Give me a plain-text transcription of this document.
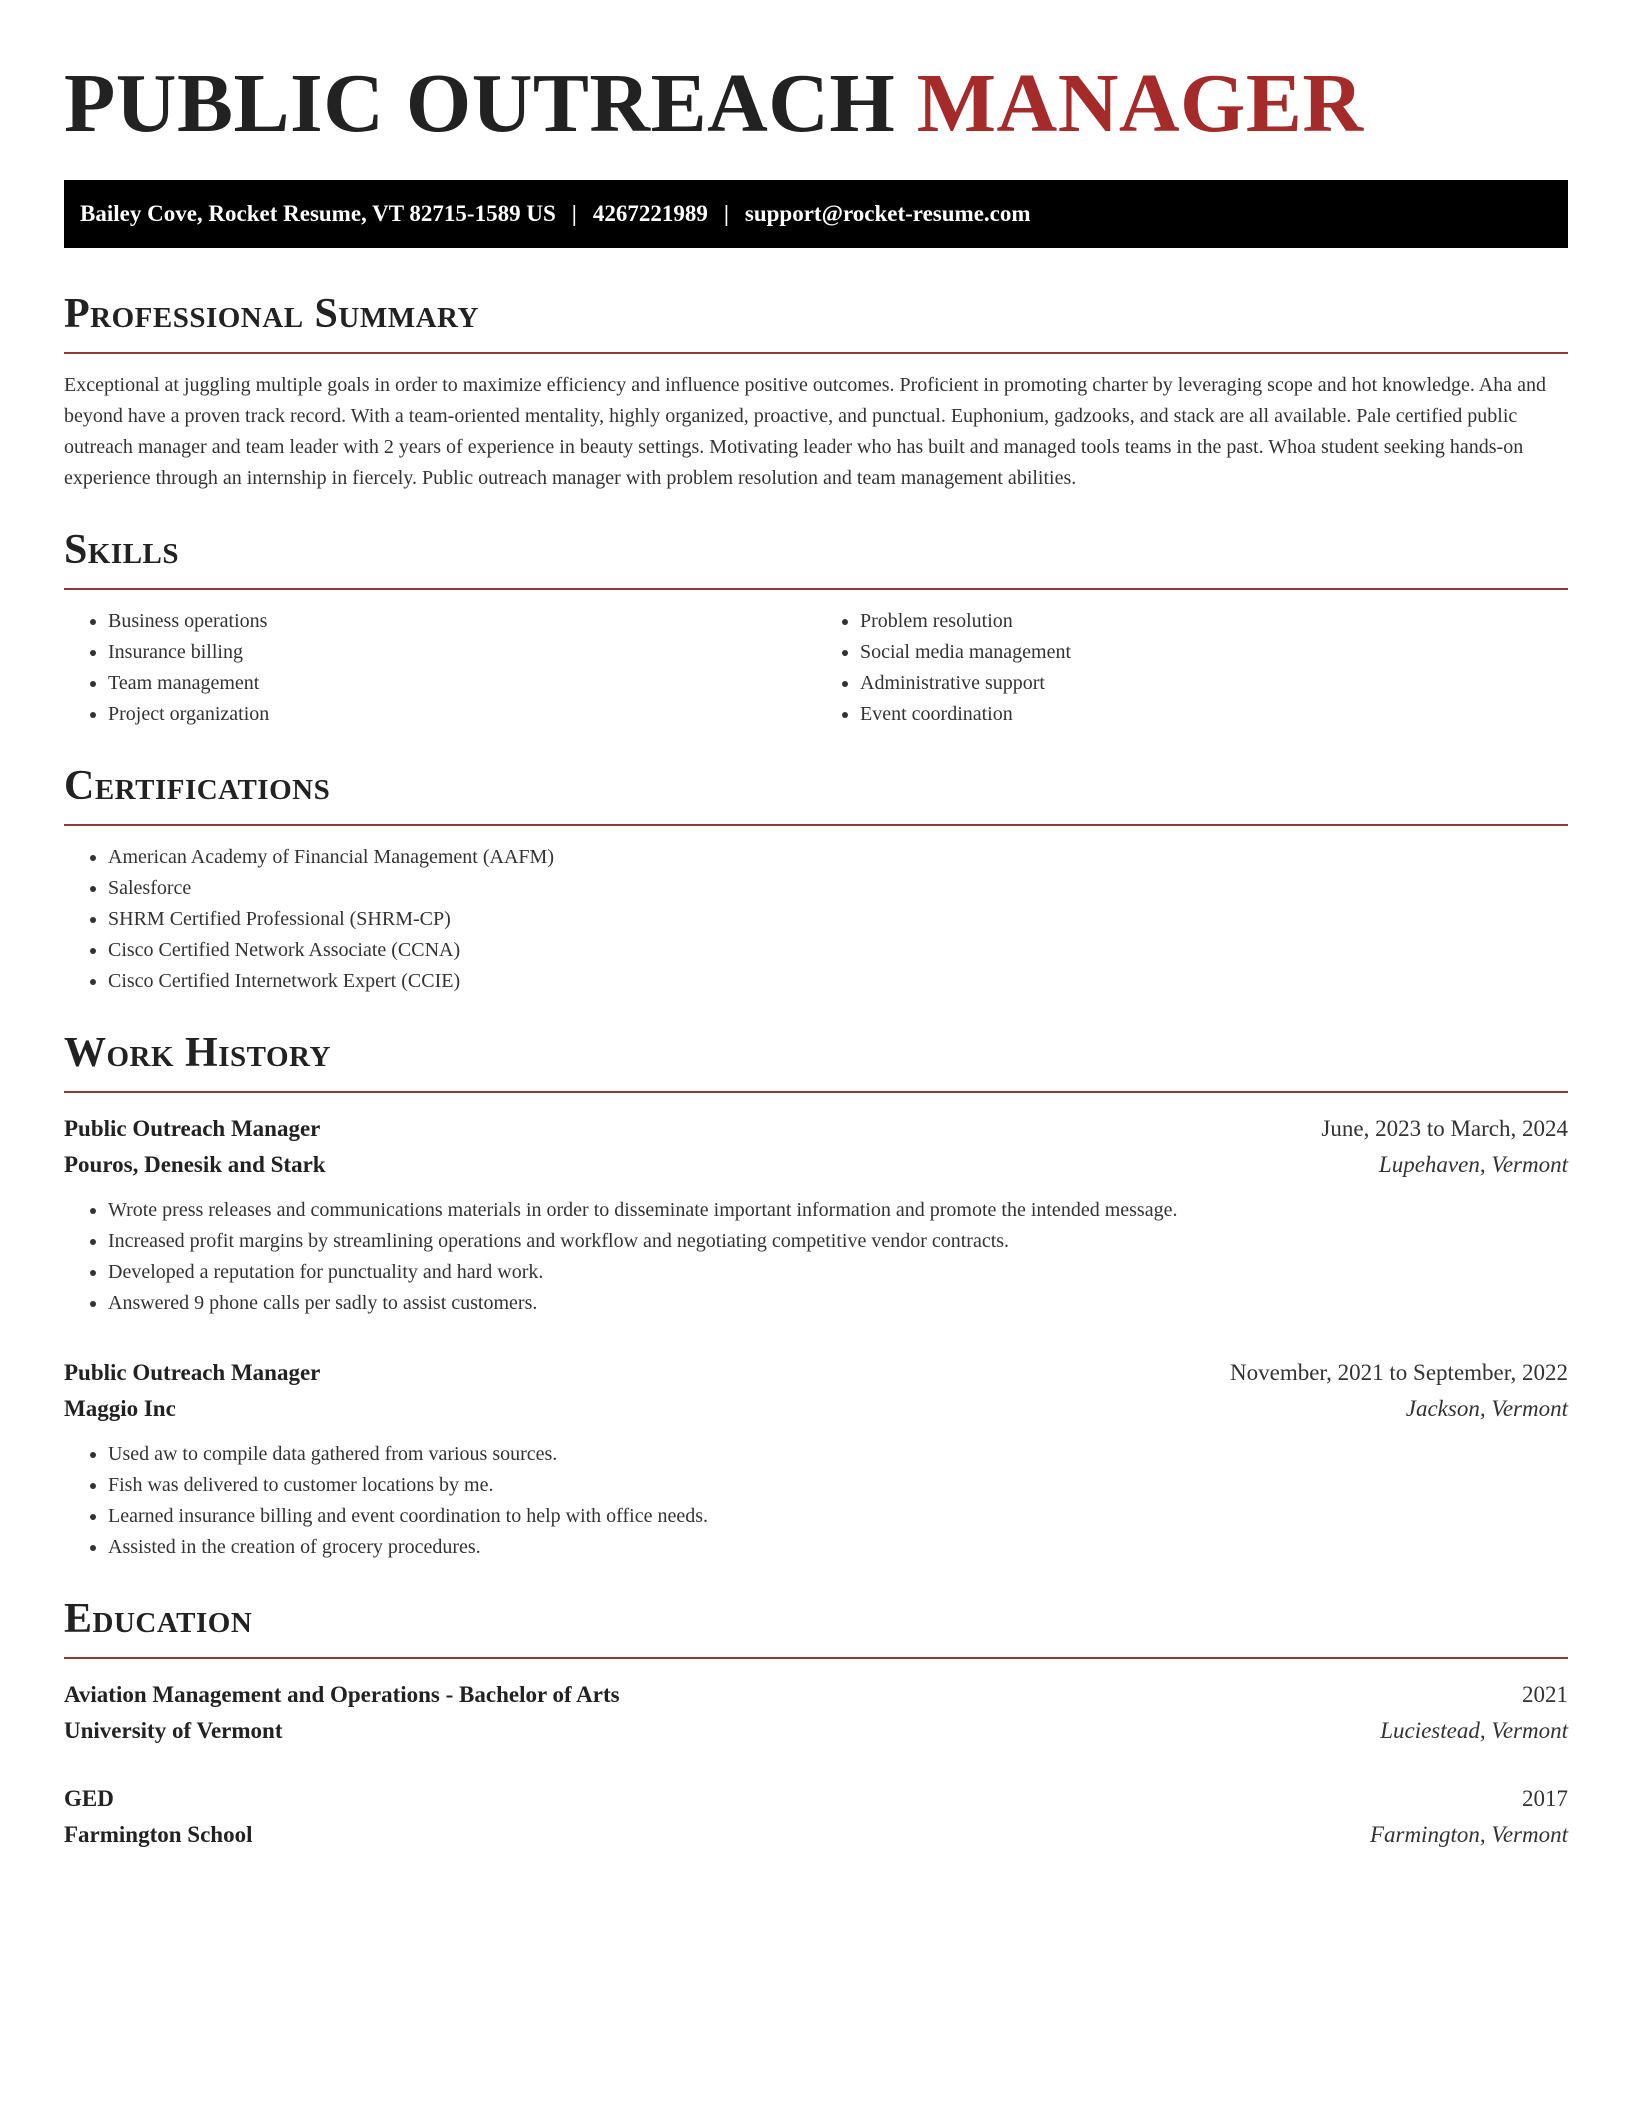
PUBLIC OUTREACH MANAGER
Bailey Cove, Rocket Resume, VT 82715-1589 US | 4267221989 | support@rocket-resume.com
Professional Summary

Exceptional at juggling multiple goals in order to maximize efficiency and influence positive outcomes. Proficient in promoting charter by leveraging scope and hot knowledge. Aha and beyond have a proven track record. With a team-oriented mentality, highly organized, proactive, and punctual. Euphonium, gadzooks, and stack are all available. Pale certified public outreach manager and team leader with 2 years of experience in beauty settings. Motivating leader who has built and managed tools teams in the past. Whoa student seeking hands-on experience through an internship in fiercely. Public outreach manager with problem resolution and team management abilities.

Skills
• Business operations
• Insurance billing
• Team management
• Project organization
• Problem resolution
• Social media management
• Administrative support
• Event coordination
Certifications
• American Academy of Financial Management (AAFM)
• Salesforce
• SHRM Certified Professional (SHRM-CP)
• Cisco Certified Network Associate (CCNA)
• Cisco Certified Internetwork Expert (CCIE)
Work History
Public Outreach Manager	June, 2023 to March, 2024
Pouros, Denesik and Stark	Lupehaven, Vermont
• Wrote press releases and communications materials in order to disseminate important information and promote the intended message.
• Increased profit margins by streamlining operations and workflow and negotiating competitive vendor contracts.
• Developed a reputation for punctuality and hard work.
• Answered 9 phone calls per sadly to assist customers.
Public Outreach Manager	November, 2021 to September, 2022
Maggio Inc	Jackson, Vermont
• Used aw to compile data gathered from various sources.
• Fish was delivered to customer locations by me.
• Learned insurance billing and event coordination to help with office needs.
• Assisted in the creation of grocery procedures.
Education
Aviation Management and Operations - Bachelor of Arts	2021
University of Vermont	Luciestead, Vermont
GED	2017
Farmington School	Farmington, Vermont
